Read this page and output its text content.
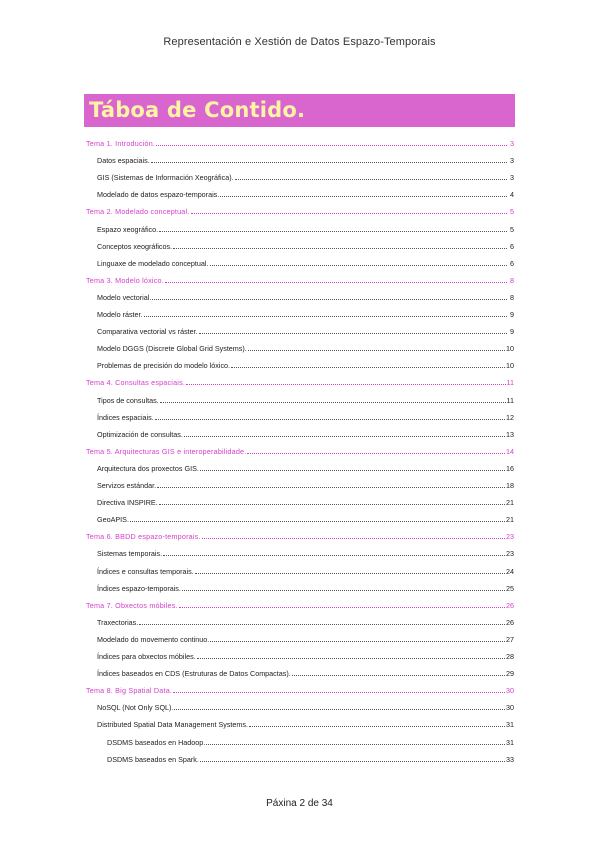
Representación e Xestión de Datos Espazo-Temporais
Táboa de Contido.
Tema 1. Introdución.	3
Datos espaciais.	3
GIS (Sistemas de Información Xeográfica).	3
Modelado de datos espazo-temporais.	4
Tema 2. Modelado conceptual.	5
Espazo xeográfico.	5
Conceptos xeográficos.	6
Linguaxe de modelado conceptual.	6
Tema 3. Modelo lóxico.	8
Modelo vectorial.	8
Modelo ráster.	9
Comparativa vectorial vs ráster.	9
Modelo DGGS (Discrete Global Grid Systems).	10
Problemas de precisión do modelo lóxico.	10
Tema 4. Consultas espaciais.	11
Tipos de consultas.	11
Índices espaciais.	12
Optimización de consultas.	13
Tema 5. Arquitecturas GIS e interoperabilidade.	14
Arquitectura dos proxectos GIS.	16
Servizos estándar.	18
Directiva INSPIRE.	21
GeoAPIS.	21
Tema 6. BBDD espazo-temporais.	23
Sistemas temporais.	23
Índices e consultas temporais.	24
Índices espazo-temporais.	25
Tema 7. Obxectos móbiles.	26
Traxectorias.	26
Modelado do movemento continuo.	27
Índices para obxectos móbiles.	28
Índices baseados en CDS (Estruturas de Datos Compactas).	29
Tema 8. Big Spatial Data.	30
NoSQL (Not Only SQL).	30
Distributed Spatial Data Management Systems.	31
DSDMS baseados en Hadoop.	31
DSDMS baseados en Spark.	33
Páxina 2 de 34
